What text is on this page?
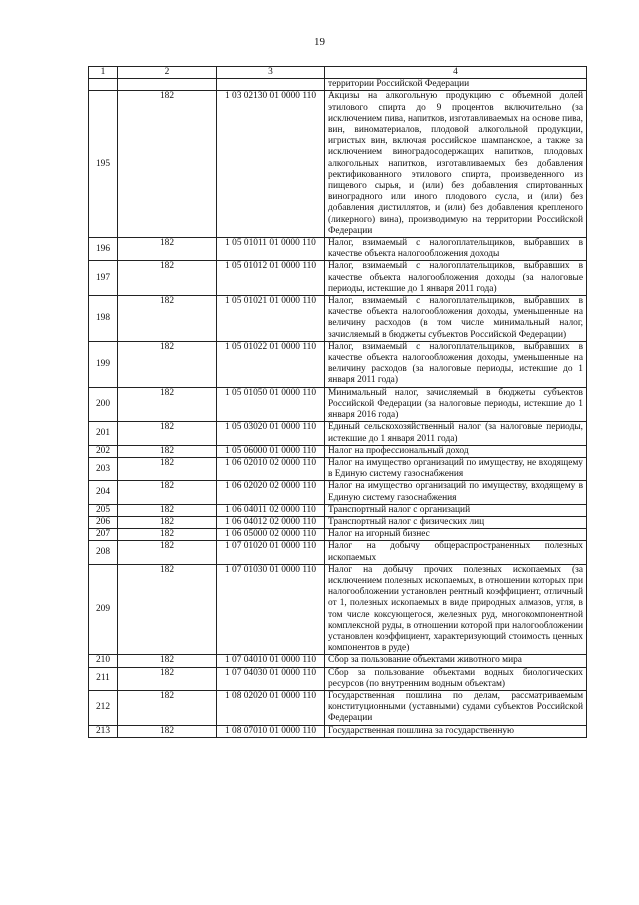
19
1	2	3	4
			территории Российской Федерации
195	182	1 03 02130 01 0000 110	Акцизы на алкогольную продукцию с объемной долей этилового спирта до 9 процентов включительно (за исключением пива, напитков, изготавливаемых на основе пива, вин, виноматериалов, плодовой алкогольной продукции, игристых вин, включая российское шампанское, а также за исключением виноградосодержащих напитков, плодовых алкогольных напитков, изготавливаемых без добавления ректификованного этилового спирта, произведенного из пищевого сырья, и (или) без добавления спиртованных виноградного или иного плодового сусла, и (или) без добавления дистиллятов, и (или) без добавления крепленого (ликерного) вина), производимую на территории Российской Федерации
196	182	1 05 01011 01 0000 110	Налог, взимаемый с налогоплательщиков, выбравших в качестве объекта налогообложения доходы
197	182	1 05 01012 01 0000 110	Налог, взимаемый с налогоплательщиков, выбравших в качестве объекта налогообложения доходы (за налоговые периоды, истекшие до 1 января 2011 года)
198	182	1 05 01021 01 0000 110	Налог, взимаемый с налогоплательщиков, выбравших в качестве объекта налогообложения доходы, уменьшенные на величину расходов (в том числе минимальный налог, зачисляемый в бюджеты субъектов Российской Федерации)
199	182	1 05 01022 01 0000 110	Налог, взимаемый с налогоплательщиков, выбравших в качестве объекта налогообложения доходы, уменьшенные на величину расходов (за налоговые периоды, истекшие до 1 января 2011 года)
200	182	1 05 01050 01 0000 110	Минимальный налог, зачисляемый в бюджеты субъектов Российской Федерации (за налоговые периоды, истекшие до 1 января 2016 года)
201	182	1 05 03020 01 0000 110	Единый сельскохозяйственный налог (за налоговые периоды, истекшие до 1 января 2011 года)
202	182	1 05 06000 01 0000 110	Налог на профессиональный доход
203	182	1 06 02010 02 0000 110	Налог на имущество организаций по имуществу, не входящему в Единую систему газоснабжения
204	182	1 06 02020 02 0000 110	Налог на имущество организаций по имуществу, входящему в Единую систему газоснабжения
205	182	1 06 04011 02 0000 110	Транспортный налог с организаций
206	182	1 06 04012 02 0000 110	Транспортный налог с физических лиц
207	182	1 06 05000 02 0000 110	Налог на игорный бизнес
208	182	1 07 01020 01 0000 110	Налог на добычу общераспространенных полезных ископаемых
209	182	1 07 01030 01 0000 110	Налог на добычу прочих полезных ископаемых (за исключением полезных ископаемых, в отношении которых при налогообложении установлен рентный коэффициент, отличный от 1, полезных ископаемых в виде природных алмазов, угля, в том числе коксующегося, железных руд, многокомпонентной комплексной руды, в отношении которой при налогообложении установлен коэффициент, характеризующий стоимость ценных компонентов в руде)
210	182	1 07 04010 01 0000 110	Сбор за пользование объектами животного мира
211	182	1 07 04030 01 0000 110	Сбор за пользование объектами водных биологических ресурсов (по внутренним водным объектам)
212	182	1 08 02020 01 0000 110	Государственная пошлина по делам, рассматриваемым конституционными (уставными) судами субъектов Российской Федерации
213	182	1 08 07010 01 0000 110	Государственная пошлина за государственную
